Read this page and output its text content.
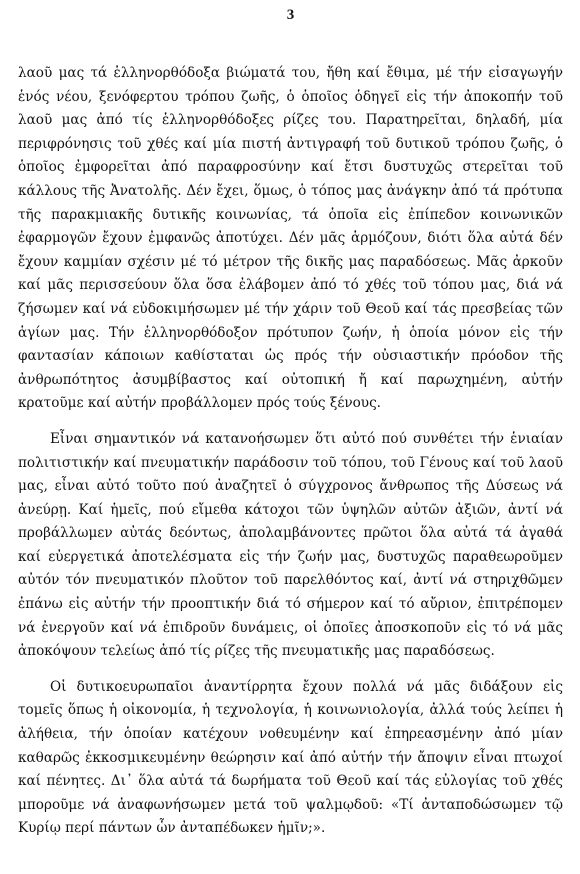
3

λαοῦ μας τά ἑλληνορθόδοξα βιώματά του, ἤθη καί ἔθιμα, μέ τήν εἰσαγωγήν ἑνός νέου, ξενόφερτου τρόπου ζωῆς, ὁ ὁποῖος ὁδηγεῖ εἰς τήν ἀποκοπήν τοῦ λαοῦ μας ἀπό τίς ἑλληνορθόδοξες ρίζες του. Παρατηρεῖται, δηλαδή, μία περιφρόνησις τοῦ χθές καί μία πιστή ἀντιγραφή τοῦ δυτικοῦ τρόπου ζωῆς, ὁ ὁποῖος ἐμφορεῖται ἀπό παραφροσύνην καί ἔτσι δυστυχῶς στερεῖται τοῦ κάλλους τῆς Ἀνατολῆς. Δέν ἔχει, ὅμως, ὁ τόπος μας ἀνάγκην ἀπό τά πρότυπα τῆς παρακμιακῆς δυτικῆς κοινωνίας, τά ὁποῖα εἰς ἐπίπεδον κοινωνικῶν ἐφαρμογῶν ἔχουν ἐμφανῶς ἀποτύχει. Δέν μᾶς ἁρμόζουν, διότι ὅλα αὐτά δέν ἔχουν καμμίαν σχέσιν μέ τό μέτρον τῆς δικῆς μας παραδόσεως. Μᾶς ἀρκοῦν καί μᾶς περισσεύουν ὅλα ὅσα ἐλάβομεν ἀπό τό χθές τοῦ τόπου μας, διά νά ζήσωμεν καί νά εὐδοκιμήσωμεν μέ τήν χάριν τοῦ Θεοῦ καί τάς πρεσβείας τῶν ἁγίων μας. Τήν ἑλληνορθόδοξον πρότυπον ζωήν, ἡ ὁποία μόνον εἰς τήν φαντασίαν κάποιων καθίσταται ὡς πρός τήν οὐσιαστικήν πρόοδον τῆς ἀνθρωπότητος ἀσυμβίβαστος καί οὐτοπική ἤ καί παρωχημένη, αὐτήν κρατοῦμε καί αὐτήν προβάλλομεν πρός τούς ξένους.

Εἶναι σημαντικόν νά κατανοήσωμεν ὅτι αὐτό πού συνθέτει τήν ἑνιαίαν πολιτιστικήν καί πνευματικήν παράδοσιν τοῦ τόπου, τοῦ Γένους καί τοῦ λαοῦ μας, εἶναι αὐτό τοῦτο πού ἀναζητεῖ ὁ σύγχρονος ἄνθρωπος τῆς Δύσεως νά ἀνεύρῃ. Καί ἡμεῖς, πού εἴμεθα κάτοχοι τῶν ὑψηλῶν αὐτῶν ἀξιῶν, ἀντί νά προβάλλωμεν αὐτάς δεόντως, ἀπολαμβάνοντες πρῶτοι ὅλα αὐτά τά ἀγαθά καί εὐεργετικά ἀποτελέσματα εἰς τήν ζωήν μας, δυστυχῶς παραθεωροῦμεν αὐτόν τόν πνευματικόν πλοῦτον τοῦ παρελθόντος καί, ἀντί νά στηριχθῶμεν ἐπάνω εἰς αὐτήν τήν προοπτικήν διά τό σήμερον καί τό αὔριον, ἐπιτρέπομεν νά ἐνεργοῦν καί νά ἐπιδροῦν δυνάμεις, οἱ ὁποῖες ἀποσκοποῦν εἰς τό νά μᾶς ἀποκόψουν τελείως ἀπό τίς ρίζες τῆς πνευματικῆς μας παραδόσεως.

Οἱ δυτικοευρωπαῖοι ἀναντίρρητα ἔχουν πολλά νά μᾶς διδάξουν εἰς τομεῖς ὅπως ἡ οἰκονομία, ἡ τεχνολογία, ἡ κοινωνιολογία, ἀλλά τούς λείπει ἡ ἀλήθεια, τήν ὁποίαν κατέχουν νοθευμένην καί ἐπηρεασμένην ἀπό μίαν καθαρῶς ἐκκοσμικευμένην θεώρησιν καί ἀπό αὐτήν τήν ἄποψιν εἶναι πτωχοί καί πένητες. Δι᾽ ὅλα αὐτά τά δωρήματα τοῦ Θεοῦ καί τάς εὐλογίας τοῦ χθές μποροῦμε νά ἀναφωνήσωμεν μετά τοῦ ψαλμῳδοῦ: «Τί ἀνταποδώσωμεν τῷ Κυρίῳ περί πάντων ὧν ἀνταπέδωκεν ἡμῖν;».
